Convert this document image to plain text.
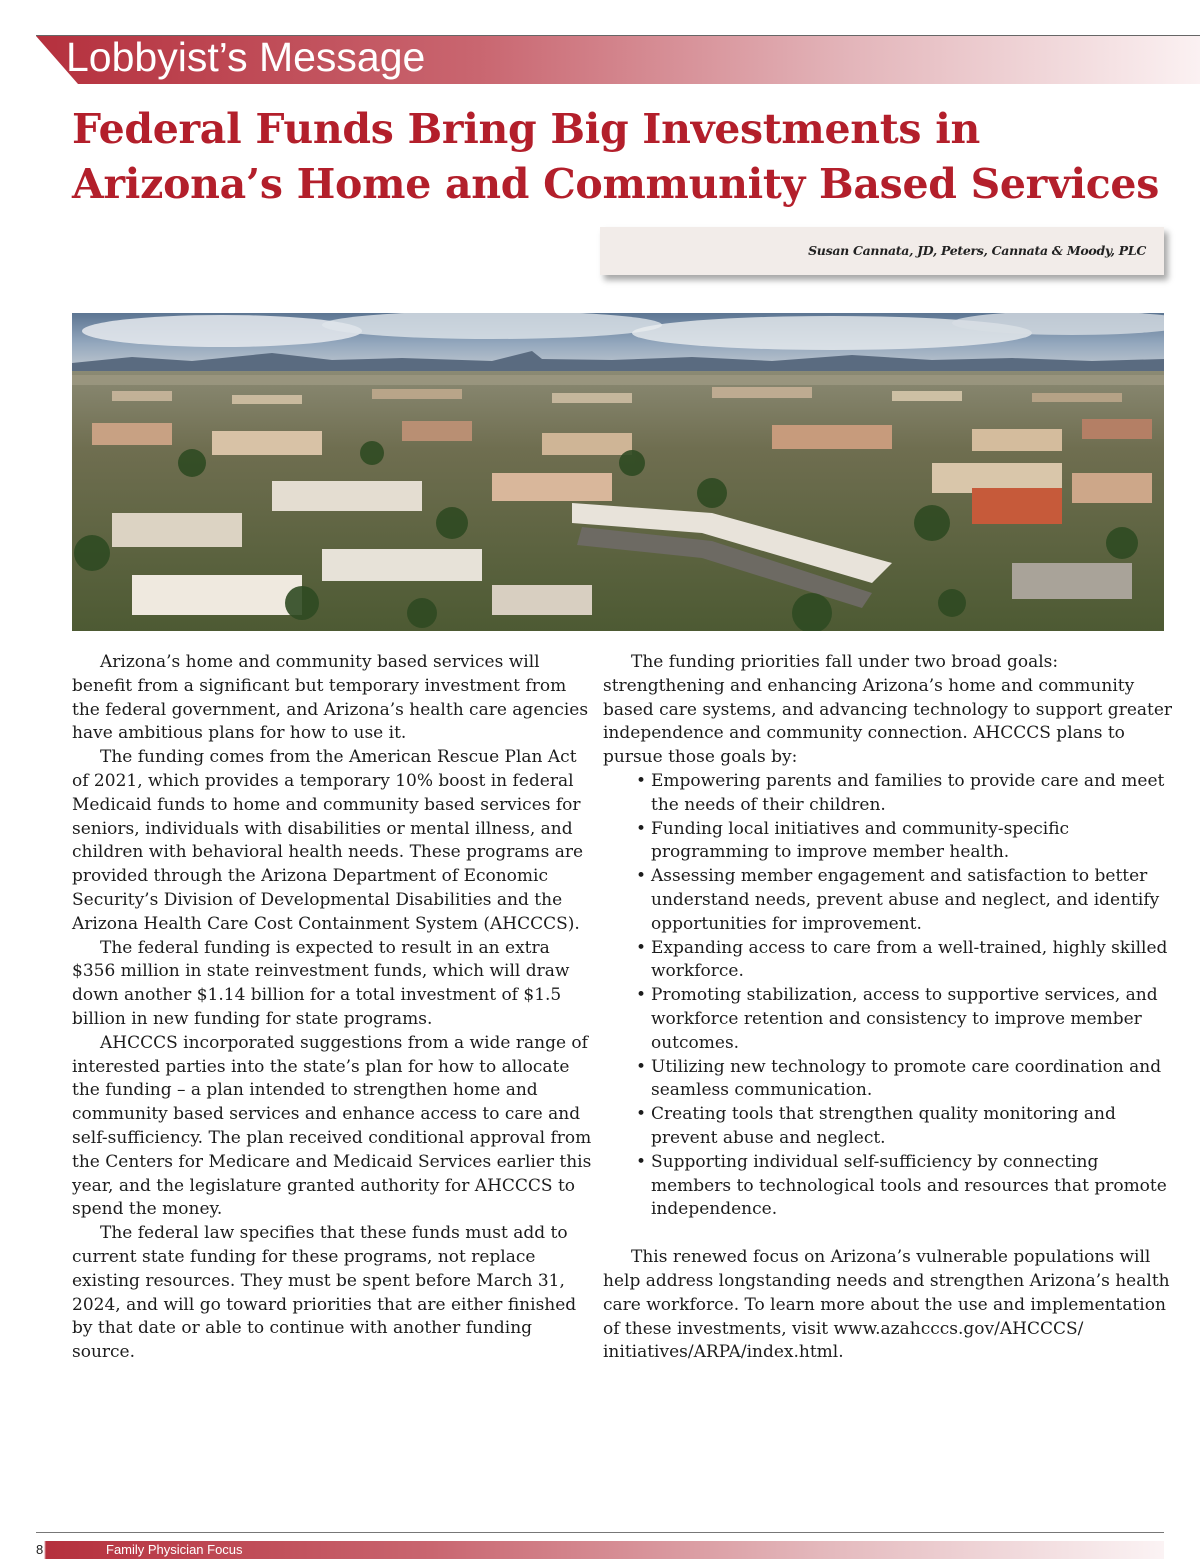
Lobbyist’s Message
Federal Funds Bring Big Investments in Arizona’s Home and Community Based Services
Susan Cannata, JD, Peters, Cannata & Moody, PLC

Arizona’s home and community based services will benefit from a significant but temporary investment from the federal government, and Arizona’s health care agencies have ambitious plans for how to use it.

The funding comes from the American Rescue Plan Act of 2021, which provides a temporary 10% boost in federal Medicaid funds to home and community based services for seniors, individuals with disabilities or mental illness, and children with behavioral health needs. These programs are provided through the Arizona Department of Economic Security’s Division of Developmental Disabilities and the Arizona Health Care Cost Containment System (AHCCCS).

The federal funding is expected to result in an extra $356 million in state reinvestment funds, which will draw down another $1.14 billion for a total investment of $1.5 billion in new funding for state programs.

AHCCCS incorporated suggestions from a wide range of interested parties into the state’s plan for how to allocate the funding – a plan intended to strengthen home and community based services and enhance access to care and self-sufficiency. The plan received conditional approval from the Centers for Medicare and Medicaid Services earlier this year, and the legislature granted authority for AHCCCS to spend the money.

The federal law specifies that these funds must add to current state funding for these programs, not replace existing resources. They must be spent before March 31, 2024, and will go toward priorities that are either finished by that date or able to continue with another funding source.

The funding priorities fall under two broad goals: strengthening and enhancing Arizona’s home and community based care systems, and advancing technology to support greater independence and community connection. AHCCCS plans to pursue those goals by:

• Empowering parents and families to provide care and meet the needs of their children.
• Funding local initiatives and community-specific programming to improve member health.
• Assessing member engagement and satisfaction to better understand needs, prevent abuse and neglect, and identify opportunities for improvement.
• Expanding access to care from a well-trained, highly skilled workforce.
• Promoting stabilization, access to supportive services, and workforce retention and consistency to improve member outcomes.
• Utilizing new technology to promote care coordination and seamless communication.
• Creating tools that strengthen quality monitoring and prevent abuse and neglect.
• Supporting individual self-sufficiency by connecting members to technological tools and resources that promote independence.

This renewed focus on Arizona’s vulnerable populations will help address longstanding needs and strengthen Arizona’s health care workforce. To learn more about the use and implementation of these investments, visit www.azahcccs.gov/AHCCCS/ initiatives/ARPA/index.html.

8	Family Physician Focus
